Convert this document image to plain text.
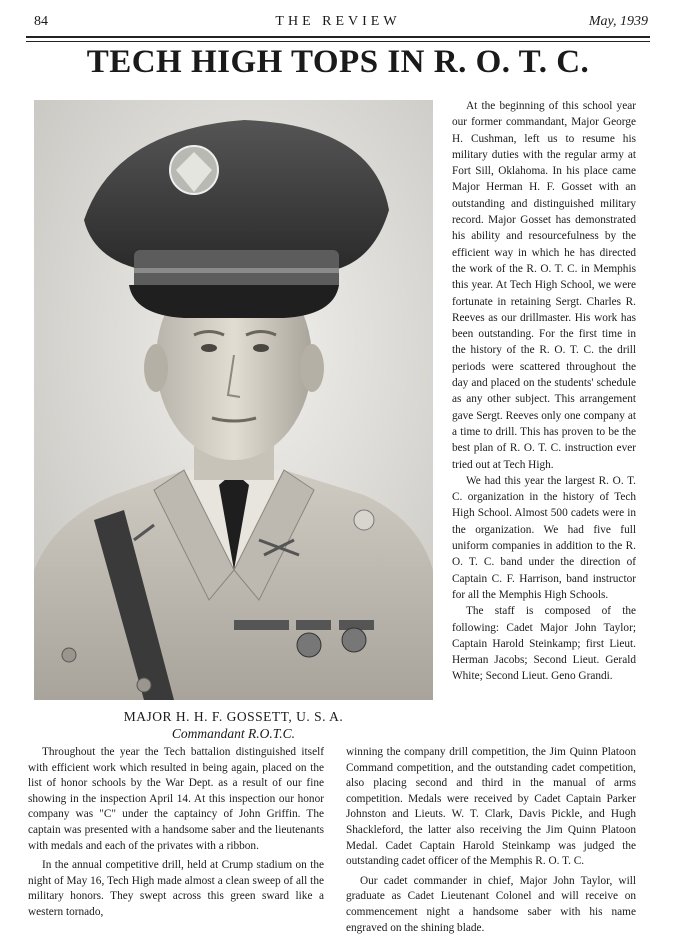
84	THE REVIEW	May, 1939
TECH HIGH TOPS IN R. O. T. C.
MAJOR H. H. F. GOSSETT, U. S. A.
Commandant R.O.T.C.

At the beginning of this school year our former commandant, Major George H. Cushman, left us to resume his military duties with the regular army at Fort Sill, Oklahoma. In his place came Major Herman H. F. Gosset with an outstanding and distinguished military record. Major Gosset has demonstrated his ability and resourcefulness by the efficient way in which he has directed the work of the R. O. T. C. in Memphis this year. At Tech High School, we were fortunate in retaining Sergt. Charles R. Reeves as our drillmaster. His work has been outstanding. For the first time in the history of the R. O. T. C. the drill periods were scattered throughout the day and placed on the students' schedule as any other subject. This arrangement gave Sergt. Reeves only one company at a time to drill. This has proven to be the best plan of R. O. T. C. instruction ever tried out at Tech High.

We had this year the largest R. O. T. C. organization in the history of Tech High School. Almost 500 cadets were in the organization. We had five full uniform companies in addition to the R. O. T. C. band under the direction of Captain C. F. Harrison, band instructor for all the Memphis High Schools.

The staff is composed of the following: Cadet Major John Taylor; Captain Harold Steinkamp; first Lieut. Herman Jacobs; Second Lieut. Gerald White; Second Lieut. Geno Grandi.

Throughout the year the Tech battalion distinguished itself with efficient work which resulted in being again, placed on the list of honor schools by the War Dept. as a result of our fine showing in the inspection April 14. At this inspection our honor company was "C" under the captaincy of John Griffin. The captain was presented with a handsome saber and the lieutenants with medals and each of the privates with a ribbon.

In the annual competitive drill, held at Crump stadium on the night of May 16, Tech High made almost a clean sweep of all the military honors. They swept across this green sward like a western tornado,

winning the company drill competition, the Jim Quinn Platoon Command competition, and the outstanding cadet competition, also placing second and third in the manual of arms competition. Medals were received by Cadet Captain Parker Johnston and Lieuts. W. T. Clark, Davis Pickle, and Hugh Shackleford, the latter also receiving the Jim Quinn Platoon Medal. Cadet Captain Harold Steinkamp was judged the outstanding cadet officer of the Memphis R. O. T. C.

Our cadet commander in chief, Major John Taylor, will graduate as Cadet Lieutenant Colonel and will receive on commencement night a handsome saber with his name engraved on the shining blade.
